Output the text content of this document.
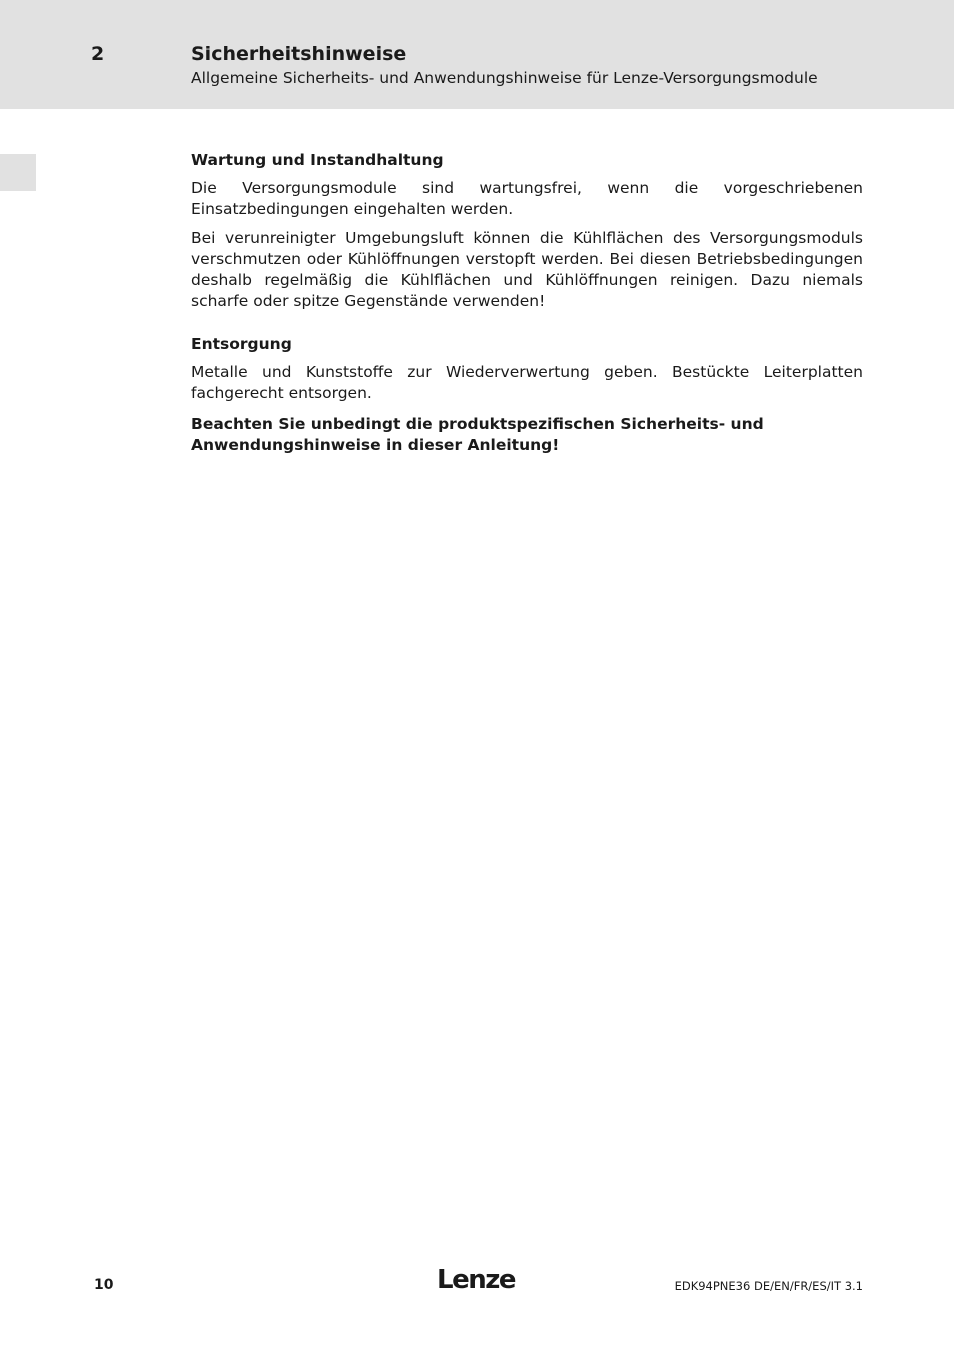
2	Sicherheitshinweise
Allgemeine Sicherheits- und Anwendungshinweise für Lenze-Versorgungsmodule
Wartung und Instandhaltung

Die Versorgungsmodule sind wartungsfrei, wenn die vorgeschriebenen Einsatzbedingungen eingehalten werden.

Bei verunreinigter Umgebungsluft können die Kühlflächen des Versorgungsmoduls verschmutzen oder Kühlöffnungen verstopft werden. Bei diesen Betriebsbedingungen deshalb regelmäßig die Kühlflächen und Kühlöffnungen reinigen. Dazu niemals scharfe oder spitze Gegenstände verwenden!

Entsorgung

Metalle und Kunststoffe zur Wiederverwertung geben. Bestückte Leiterplatten fachgerecht entsorgen.

Beachten Sie unbedingt die produktspezifischen Sicherheits- und Anwendungshinweise in dieser Anleitung!

10	Lenze	EDK94PNE36 DE/EN/FR/ES/IT 3.1
